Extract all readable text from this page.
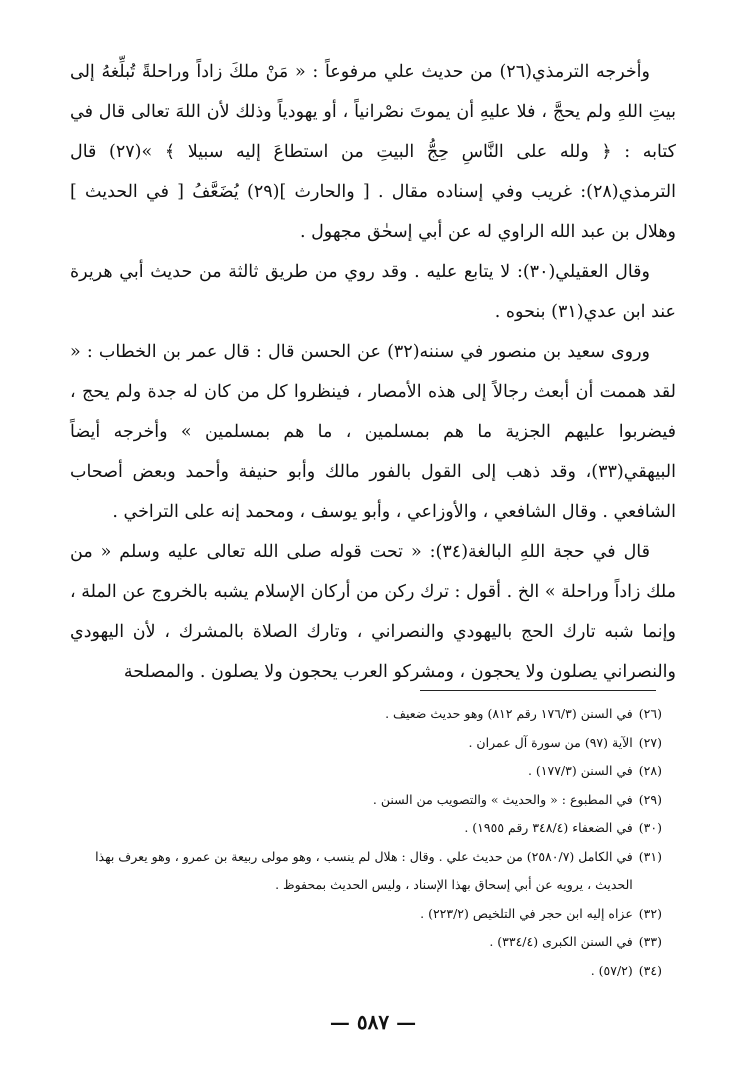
وأخرجه الترمذي(٢٦) من حديث علي مرفوعاً : « مَنْ ملكَ زاداً وراحلةً تُبلِّغهُ إلى بيتِ اللهِ ولم يحجَّ ، فلا عليهِ أن يموتَ نصْرانياً ، أو يهودياً وذلك لأن اللهَ تعالى قال في كتابه : ﴿ ولله على النَّاسِ حِجُّ البيتِ من استطاعَ إليه سبيلا ﴾ »(٢٧) قال الترمذي(٢٨): غريب وفي إسناده مقال . [ والحارث ](٢٩) يُضَعَّفُ [ في الحديث ] وهلال بن عبد الله الراوي له عن أبي إسحٰق مجهول .

وقال العقيلي(٣٠): لا يتابع عليه . وقد روي من طريق ثالثة من حديث أبي هريرة عند ابن عدي(٣١) بنحوه .

وروى سعيد بن منصور في سننه(٣٢) عن الحسن قال : قال عمر بن الخطاب : « لقد هممت أن أبعث رجالاً إلى هذه الأمصار ، فينظروا كل من كان له جدة ولم يحج ، فيضربوا عليهم الجزية ما هم بمسلمين ، ما هم بمسلمين » وأخرجه أيضاً البيهقي(٣٣)، وقد ذهب إلى القول بالفور مالك وأبو حنيفة وأحمد وبعض أصحاب الشافعي . وقال الشافعي ، والأوزاعي ، وأبو يوسف ، ومحمد إنه على التراخي .

قال في حجة اللهِ البالغة(٣٤): « تحت قوله صلى الله تعالى عليه وسلم « من ملك زاداً وراحلة » الخ . أقول : ترك ركن من أركان الإسلام يشبه بالخروج عن الملة ، وإنما شبه تارك الحج باليهودي والنصراني ، وتارك الصلاة بالمشرك ، لأن اليهودي والنصراني يصلون ولا يحجون ، ومشركو العرب يحجون ولا يصلون . والمصلحة

(٢٦)
في السنن (١٧٦/٣ رقم ٨١٢) وهو حديث ضعيف .
(٢٧)
الآية (٩٧) من سورة آل عمران .
(٢٨)
في السنن (١٧٧/٣) .
(٢٩)
في المطبوع : « والحديث » والتصويب من السنن .
(٣٠)
في الضعفاء (٣٤٨/٤ رقم ١٩٥٥) .
(٣١)
في الكامل (٢٥٨٠/٧) من حديث علي . وقال : هلال لم ينسب ، وهو مولى ربيعة بن عمرو ، وهو يعرف بهذا الحديث ، يرويه عن أبي إسحاق بهذا الإسناد ، وليس الحديث بمحفوظ .
(٣٢)
عزاه إليه ابن حجر في التلخيص (٢٢٣/٢) .
(٣٣)
في السنن الكبرى (٣٣٤/٤) .
(٣٤)
(٥٧/٢) .
— ٥٨٧ —
